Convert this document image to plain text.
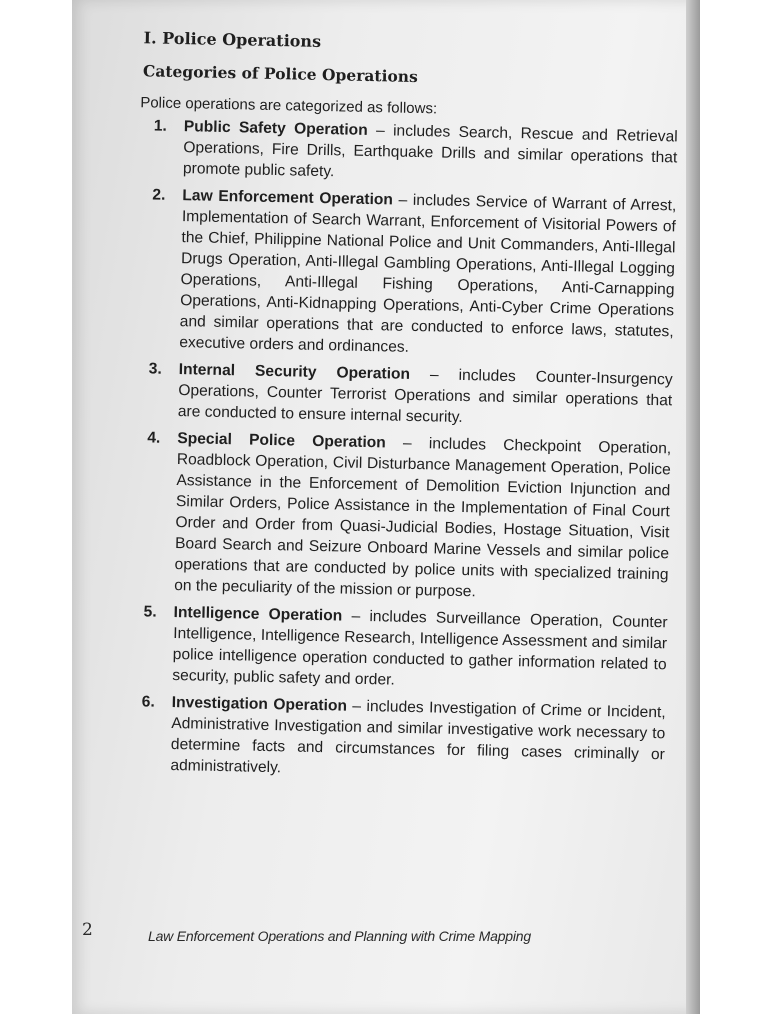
I. Police Operations
Categories of Police Operations
Police operations are categorized as follows:
1.	Public Safety Operation – includes Search, Rescue and Retrieval Operations, Fire Drills, Earthquake Drills and similar operations that promote public safety.
2.	Law Enforcement Operation – includes Service of Warrant of Arrest, Implementation of Search Warrant, Enforcement of Visitorial Powers of the Chief, Philippine National Police and Unit Commanders, Anti-Illegal Drugs Operation, Anti-Illegal Gambling Operations, Anti-Illegal Logging Operations, Anti-Illegal Fishing Operations, Anti-Carnapping Operations, Anti-Kidnapping Operations, Anti-Cyber Crime Operations and similar operations that are conducted to enforce laws, statutes, executive orders and ordinances.
3.	Internal Security Operation – includes Counter-Insurgency Operations, Counter Terrorist Operations and similar operations that are conducted to ensure internal security.
4.	Special Police Operation – includes Checkpoint Operation, Roadblock Operation, Civil Disturbance Management Operation, Police Assistance in the Enforcement of Demolition Eviction Injunction and Similar Orders, Police Assistance in the Implementation of Final Court Order and Order from Quasi-Judicial Bodies, Hostage Situation, Visit Board Search and Seizure Onboard Marine Vessels and similar police operations that are conducted by police units with specialized training on the peculiarity of the mission or purpose.
5.	Intelligence Operation – includes Surveillance Operation, Counter Intelligence, Intelligence Research, Intelligence Assessment and similar police intelligence operation conducted to gather information related to security, public safety and order.
6.	Investigation Operation – includes Investigation of Crime or Incident, Administrative Investigation and similar investigative work necessary to determine facts and circumstances for filing cases criminally or administratively.
2	Law Enforcement Operations and Planning with Crime Mapping
